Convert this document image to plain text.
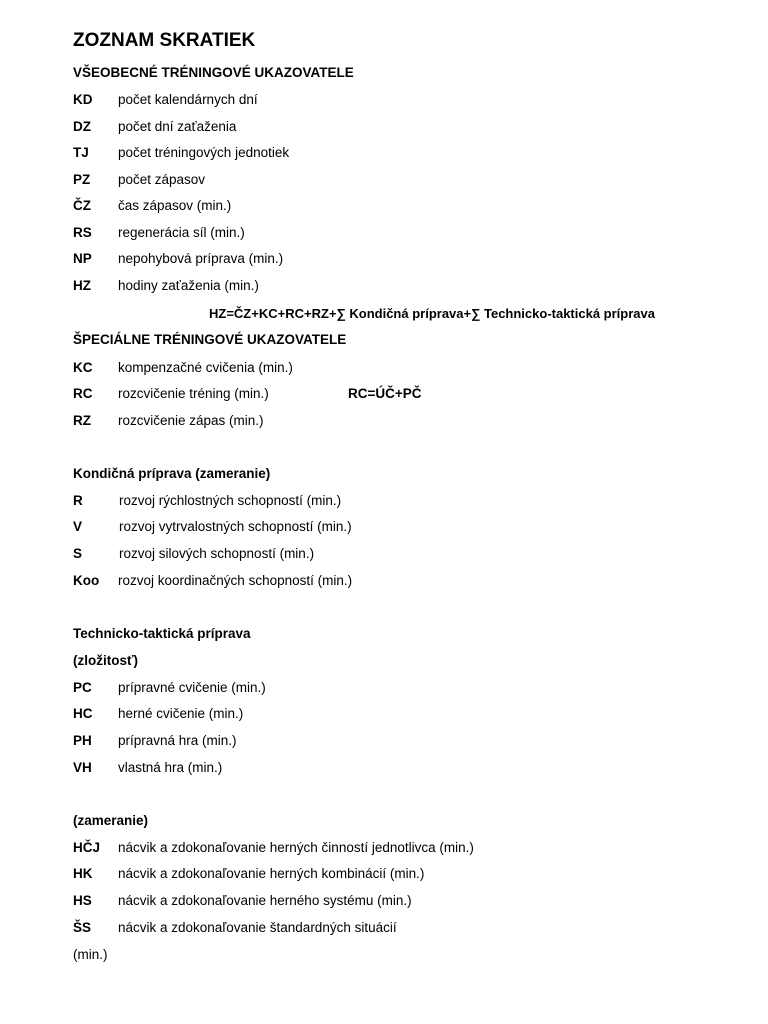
ZOZNAM SKRATIEK
VŠEOBECNÉ TRÉNINGOVÉ UKAZOVATELE
KD počet kalendárnych dní
DZ počet dní zaťaženia
TJ počet tréningových jednotiek
PZ počet zápasov
ČZ čas zápasov (min.)
RS regenerácia síl (min.)
NP nepohybová príprava (min.)
HZ hodiny zaťaženia (min.)
HZ=ČZ+KC+RC+RZ+∑ Kondičná príprava+∑ Technicko-taktická príprava
ŠPECIÁLNE TRÉNINGOVÉ UKAZOVATELE
KC kompenzačné cvičenia (min.)
RC rozcvičenie tréning (min.)	RC=ÚČ+PČ
RZ rozcvičenie zápas (min.)
Kondičná príprava (zameranie)
R	rozvoj rýchlostných schopností (min.)
V	rozvoj vytrvalostných schopností (min.)
S	rozvoj silových schopností (min.)
Koo rozvoj koordinačných schopností (min.)
Technicko-taktická príprava
(zložitosť)
PC prípravné cvičenie (min.)
HC herné cvičenie (min.)
PH prípravná hra (min.)
VH vlastná hra (min.)
(zameranie)
HČJ nácvik a zdokonaľovanie herných činností jednotlivca (min.)
HK nácvik a zdokonaľovanie herných kombinácií (min.)
HS nácvik a zdokonaľovanie herného systému (min.)
ŠS nácvik a zdokonaľovanie štandardných situácií
(min.)
